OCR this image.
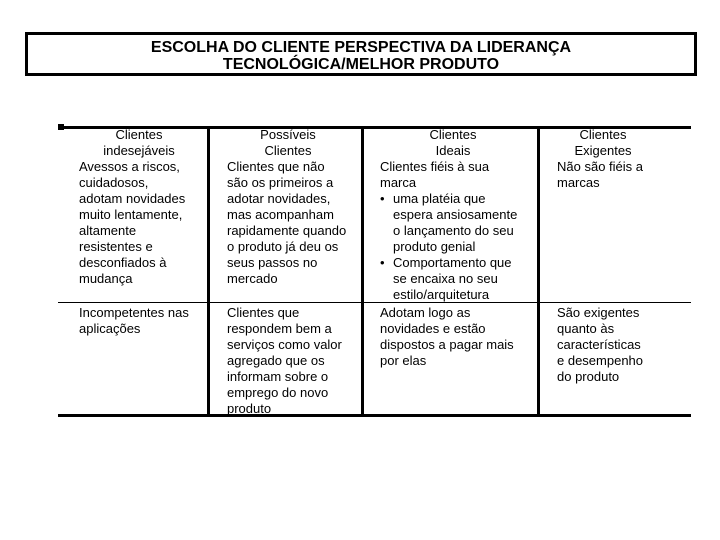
ESCOLHA DO CLIENTE PERSPECTIVA DA LIDERANÇA
TECNOLÓGICA/MELHOR PRODUTO
Clientes
indesejáveis
Avessos a riscos,
cuidadosos,
adotam novidades
muito lentamente,
altamente
resistentes e
desconfiados à
mudança
Incompetentes nas
aplicações
Possíveis
Clientes
Clientes que não
são os primeiros a
adotar novidades,
mas acompanham
rapidamente quando
o produto já deu os
seus passos no
mercado
Clientes que
respondem bem a
serviços como valor
agregado que os
informam sobre o
emprego do novo
produto
Clientes
Ideais
Clientes fiéis à sua
marca
• uma platéia que
espera ansiosamente
o lançamento do seu
produto genial
• Comportamento que
se encaixa no seu
estilo/arquitetura
Adotam logo as
novidades e estão
dispostos a pagar mais
por elas
Clientes
Exigentes
Não são fiéis a
marcas
São exigentes
quanto às
características
e desempenho
do produto
